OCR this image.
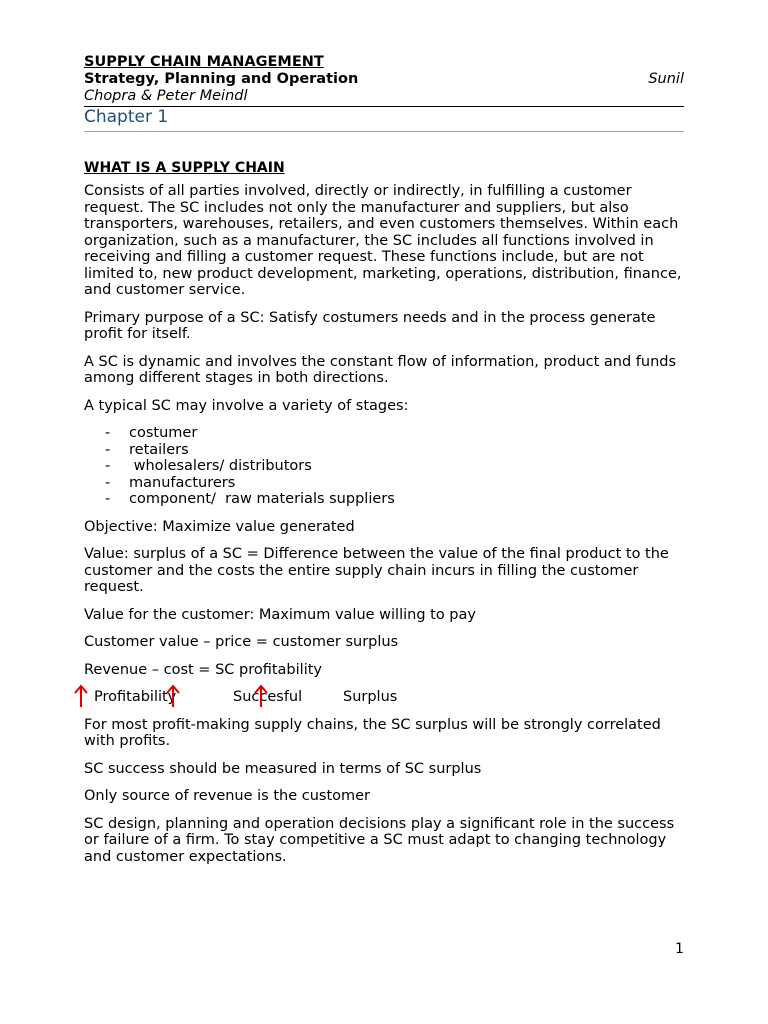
SUPPLY CHAIN MANAGEMENT
Strategy, Planning and Operation	Sunil
Chopra & Peter Meindl
Chapter 1
WHAT IS A SUPPLY CHAIN

Consists of all parties involved, directly or indirectly, in fulfilling a customer request. The SC includes not only the manufacturer and suppliers, but also transporters, warehouses, retailers, and even customers themselves. Within each organization, such as a manufacturer, the SC includes all functions involved in receiving and filling a customer request. These functions include, but are not limited to, new product development, marketing, operations, distribution, finance, and customer service.

Primary purpose of a SC: Satisfy costumers needs and in the process generate profit for itself.

A SC is dynamic and involves the constant flow of information, product and funds among different stages in both directions.

A typical SC may involve a variety of stages:

- costumer
- retailers
- wholesalers/ distributors
- manufacturers
- component/  raw materials suppliers

Objective: Maximize value generated

Value: surplus of a SC = Difference between the value of the final product to the customer and the costs the entire supply chain incurs in filling the customer request.

Value for the customer: Maximum value willing to pay

Customer value – price = customer surplus

Revenue – cost = SC profitability

Profitability	Succesful	Surplus

For most profit-making supply chains, the SC surplus will be strongly correlated with profits.

SC success should be measured in terms of SC surplus

Only source of revenue is the customer

SC design, planning and operation decisions play a significant role in the success or failure of a firm. To stay competitive a SC must adapt to changing technology and customer expectations.

1
